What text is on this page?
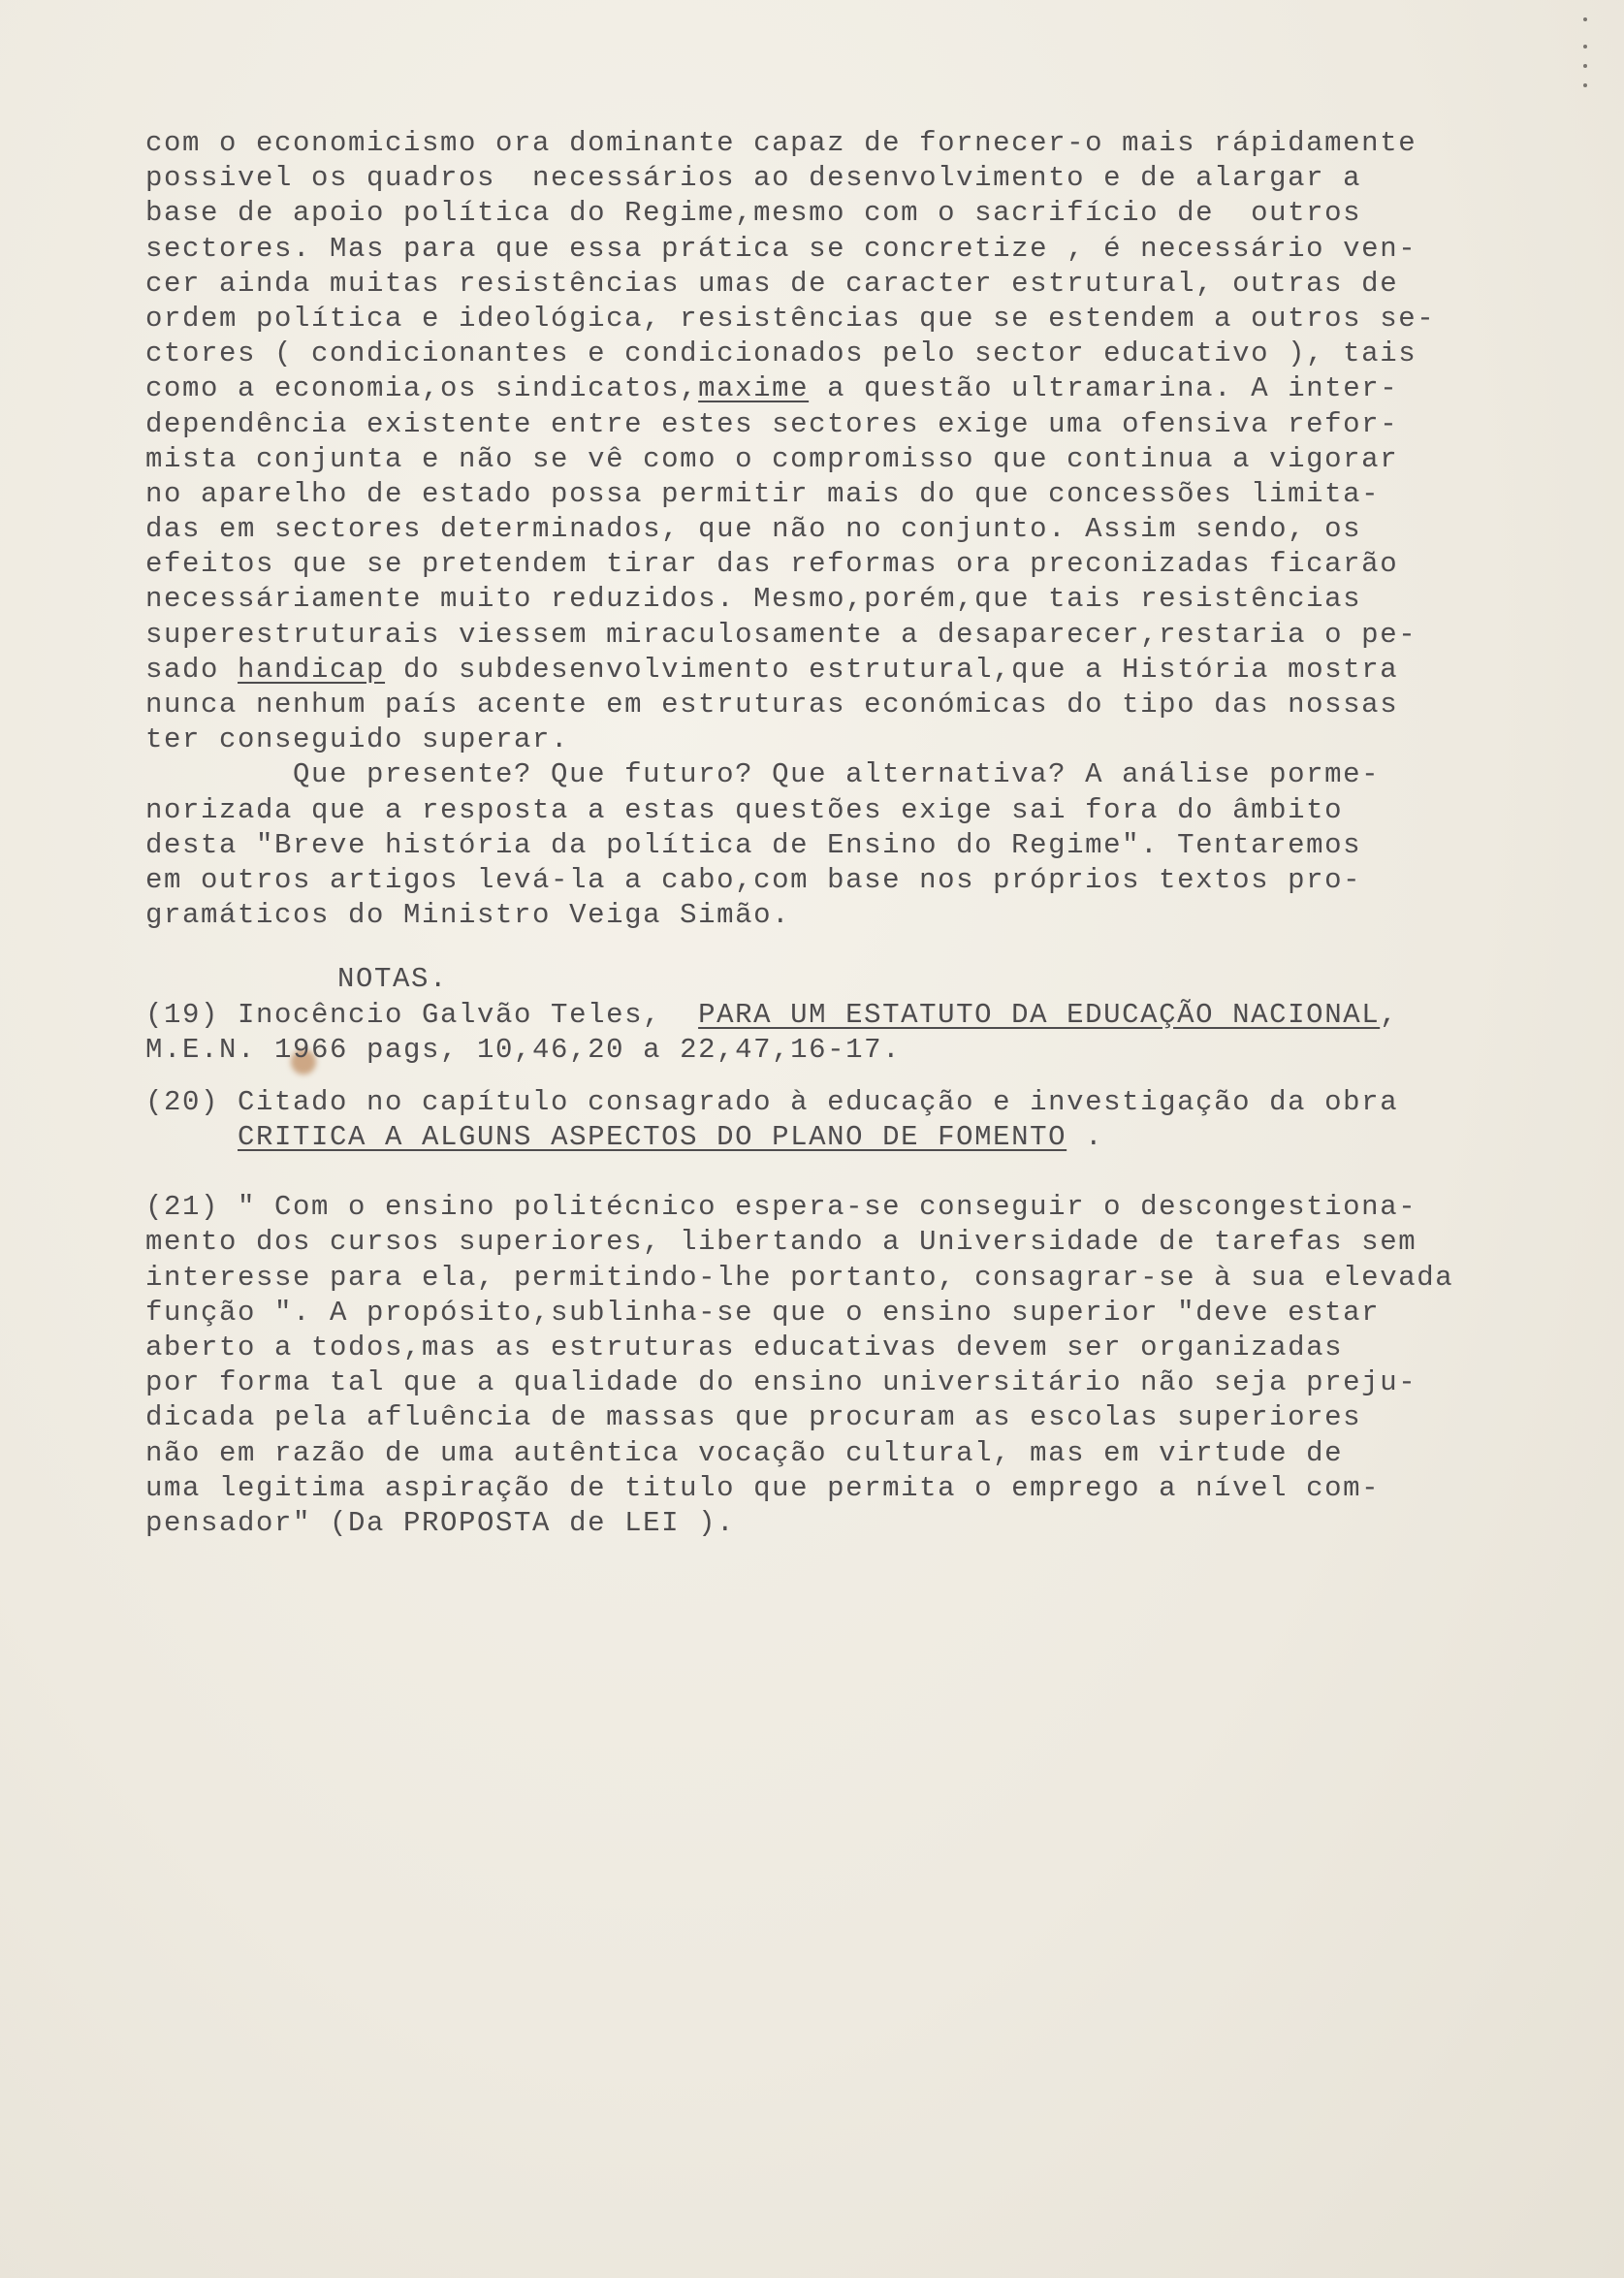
com o economicismo ora dominante capaz de fornecer-o mais rápidamente
possivel os quadros  necessários ao desenvolvimento e de alargar a
base de apoio política do Regime,mesmo com o sacrifício de  outros
sectores. Mas para que essa prática se concretize , é necessário ven-
cer ainda muitas resistências umas de caracter estrutural, outras de
ordem política e ideológica, resistências que se estendem a outros se-
ctores ( condicionantes e condicionados pelo sector educativo ), tais
como a economia,os sindicatos,maxime a questão ultramarina. A inter-
dependência existente entre estes sectores exige uma ofensiva refor-
mista conjunta e não se vê como o compromisso que continua a vigorar
no aparelho de estado possa permitir mais do que concessões limita-
das em sectores determinados, que não no conjunto. Assim sendo, os
efeitos que se pretendem tirar das reformas ora preconizadas ficarão
necessáriamente muito reduzidos. Mesmo,porém,que tais resistências
superestruturais viessem miraculosamente a desaparecer,restaria o pe-
sado handicap do subdesenvolvimento estrutural,que a História mostra
nunca nenhum país acente em estruturas económicas do tipo das nossas
ter conseguido superar.
Que presente? Que futuro? Que alternativa? A análise porme-
norizada que a resposta a estas questões exige sai fora do âmbito
desta "Breve história da política de Ensino do Regime". Tentaremos
em outros artigos levá-la a cabo,com base nos próprios textos pro-
gramáticos do Ministro Veiga Simão.
NOTAS.
(19) Inocêncio Galvão Teles,  PARA UM ESTATUTO DA EDUCAÇÃO NACIONAL,
M.E.N. 1966 pags, 10,46,20 a 22,47,16-17.
(20) Citado no capítulo consagrado à educação e investigação da obra
CRITICA A ALGUNS ASPECTOS DO PLANO DE FOMENTO .
(21) " Com o ensino politécnico espera-se conseguir o descongestiona-
mento dos cursos superiores, libertando a Universidade de tarefas sem
interesse para ela, permitindo-lhe portanto, consagrar-se à sua elevada
função ". A propósito,sublinha-se que o ensino superior "deve estar
aberto a todos,mas as estruturas educativas devem ser organizadas
por forma tal que a qualidade do ensino universitário não seja preju-
dicada pela afluência de massas que procuram as escolas superiores
não em razão de uma autêntica vocação cultural, mas em virtude de
uma legitima aspiração de titulo que permita o emprego a nível com-
pensador" (Da PROPOSTA de LEI ).
